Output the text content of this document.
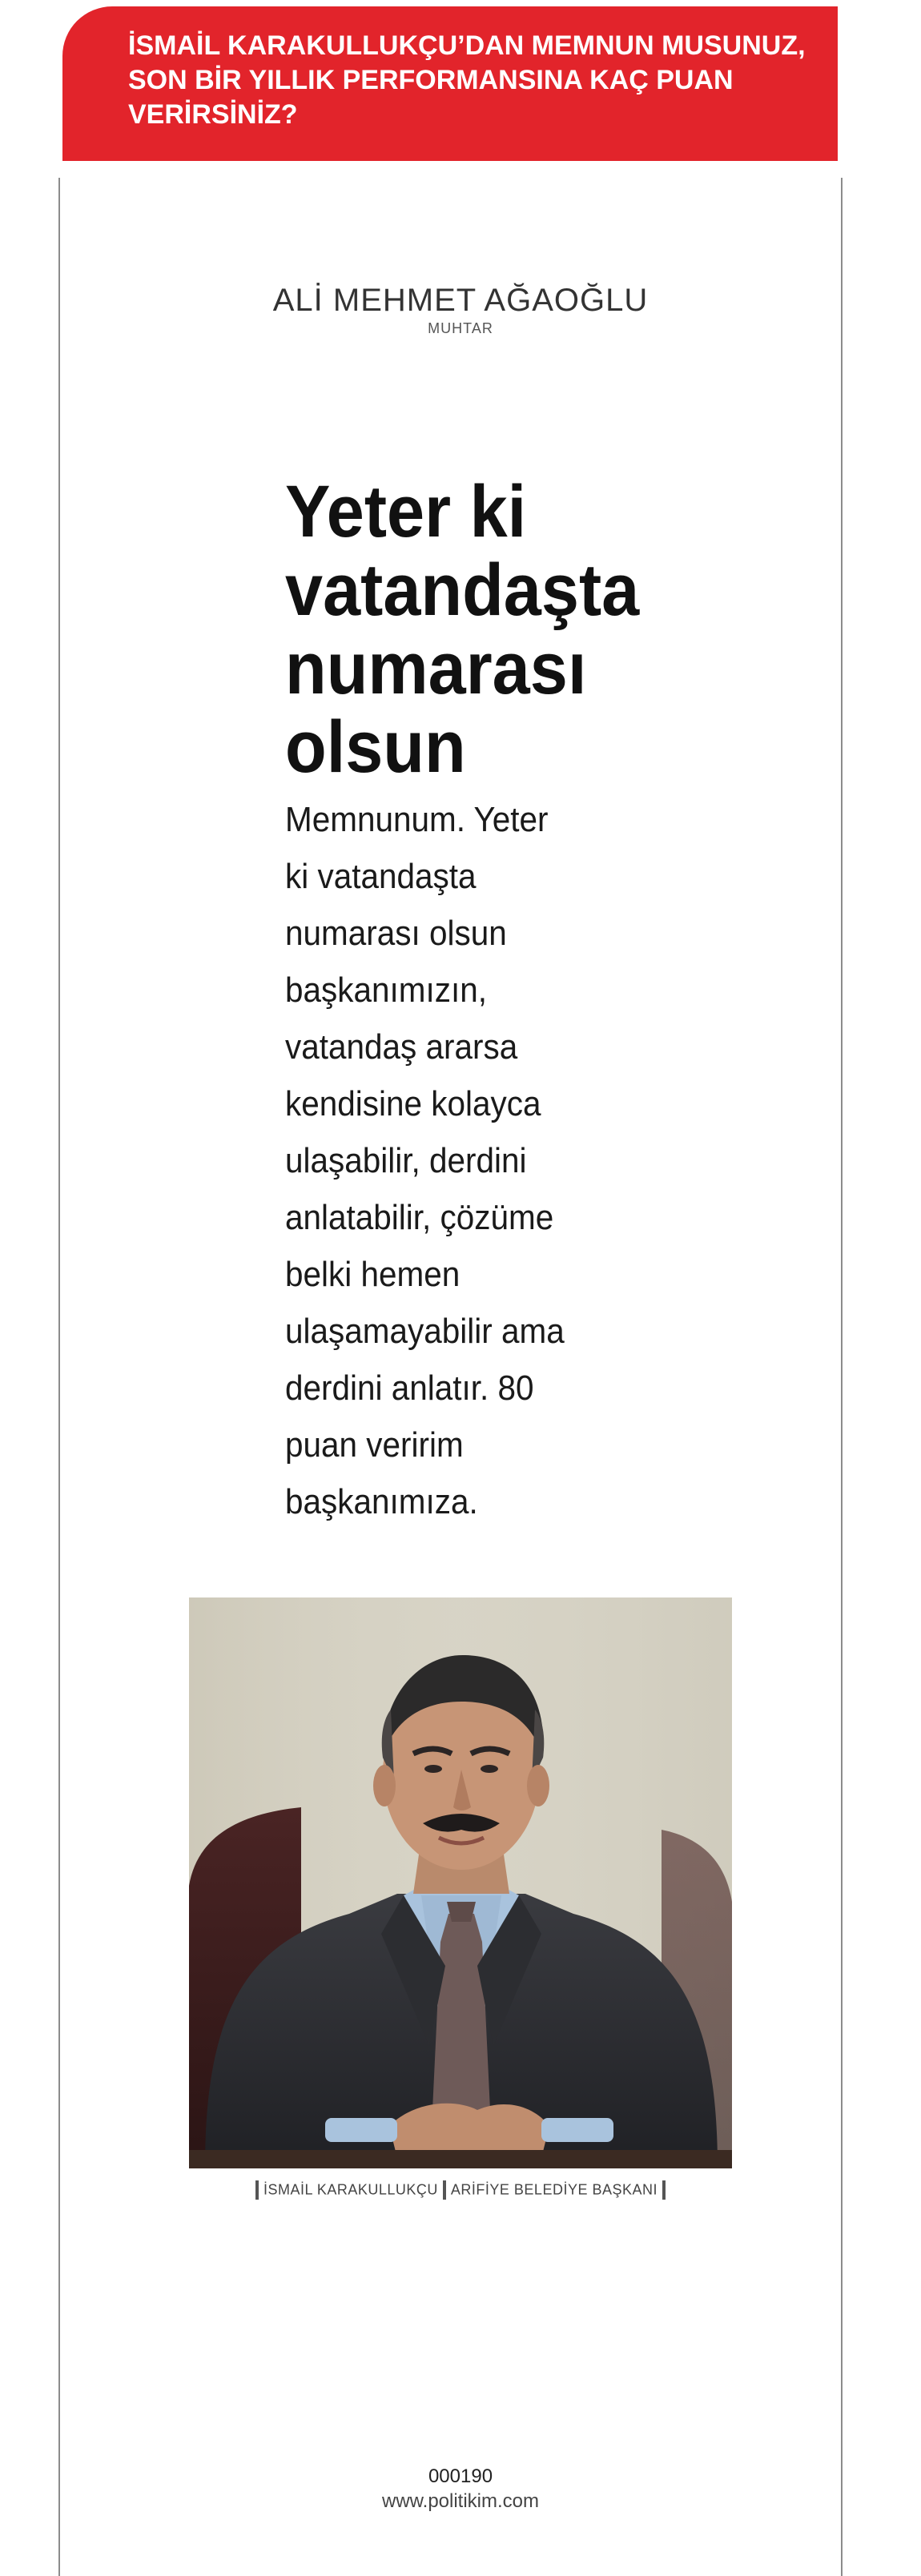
İSMAİL KARAKULLUKÇU’DAN MEMNUN MUSUNUZ,
SON BİR YILLIK PERFORMANSINA KAÇ PUAN
VERİRSİNİZ?

ALİ MEHMET AĞAOĞLU
MUHTAR
Yeter ki vatandaşta numarası olsun

Memnunum. Yeter ki vatandaşta numarası olsun başkanımızın, vatandaş ararsa kendisine kolayca ulaşabilir, derdini anlatabilir, çözüme belki hemen ulaşamayabilir ama derdini anlatır. 80 puan veririm başkanımıza.

İSMAİL KARAKULLUKÇU ARİFİYE BELEDİYE BAŞKANI
000190
www.politikim.com
